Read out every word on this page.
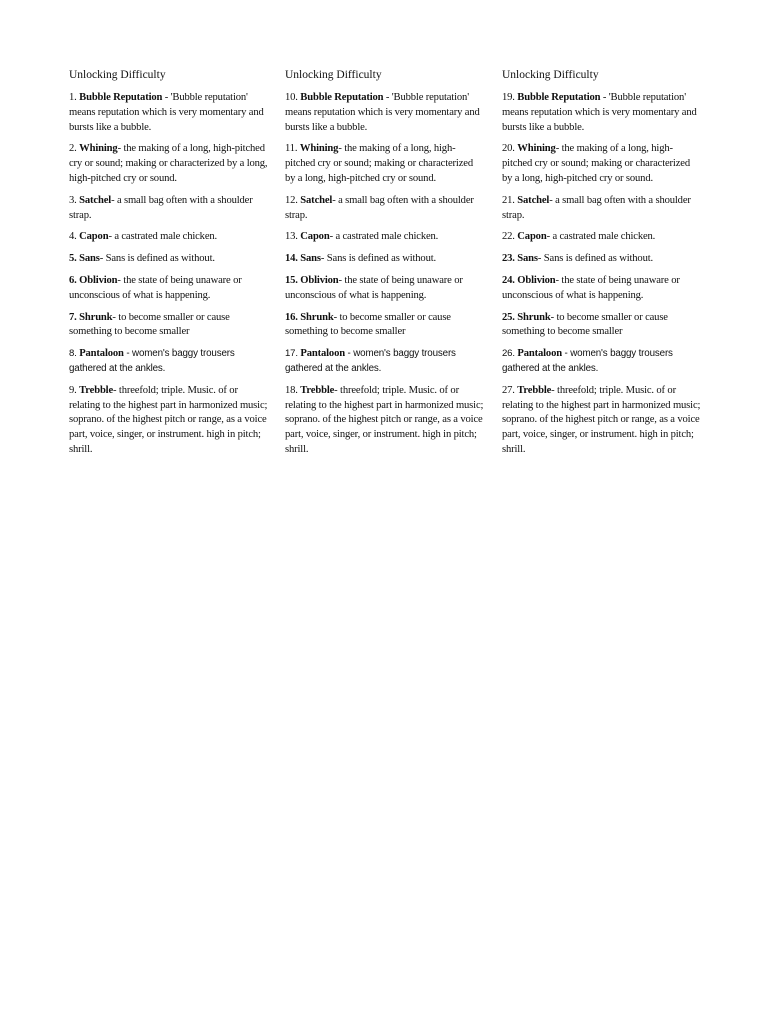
Unlocking Difficulty
1. Bubble Reputation - 'Bubble reputation' means reputation which is very momentary and bursts like a bubble.
2. Whining- the making of a long, high-pitched cry or sound; making or characterized by a long, high-pitched cry or sound.
3. Satchel- a small bag often with a shoulder strap.
4. Capon- a castrated male chicken.
5. Sans- Sans is defined as without.
6. Oblivion- the state of being unaware or unconscious of what is happening.
7. Shrunk- to become smaller or cause something to become smaller
8. Pantaloon - women's baggy trousers gathered at the ankles.
9. Trebble- threefold; triple. Music. of or relating to the highest part in harmonized music; soprano. of the highest pitch or range, as a voice part, voice, singer, or instrument. high in pitch; shrill.
Unlocking Difficulty
10. Bubble Reputation - 'Bubble reputation' means reputation which is very momentary and bursts like a bubble.
11. Whining- the making of a long, high-pitched cry or sound; making or characterized by a long, high-pitched cry or sound.
12. Satchel- a small bag often with a shoulder strap.
13. Capon- a castrated male chicken.
14. Sans- Sans is defined as without.
15. Oblivion- the state of being unaware or unconscious of what is happening.
16. Shrunk- to become smaller or cause something to become smaller
17. Pantaloon - women's baggy trousers gathered at the ankles.
18. Trebble- threefold; triple. Music. of or relating to the highest part in harmonized music; soprano. of the highest pitch or range, as a voice part, voice, singer, or instrument. high in pitch; shrill.
Unlocking Difficulty
19. Bubble Reputation - 'Bubble reputation' means reputation which is very momentary and bursts like a bubble.
20. Whining- the making of a long, high-pitched cry or sound; making or characterized by a long, high-pitched cry or sound.
21. Satchel- a small bag often with a shoulder strap.
22. Capon- a castrated male chicken.
23. Sans- Sans is defined as without.
24. Oblivion- the state of being unaware or unconscious of what is happening.
25. Shrunk- to become smaller or cause something to become smaller
26. Pantaloon - women's baggy trousers gathered at the ankles.
27. Trebble- threefold; triple. Music. of or relating to the highest part in harmonized music; soprano. of the highest pitch or range, as a voice part, voice, singer, or instrument. high in pitch; shrill.
